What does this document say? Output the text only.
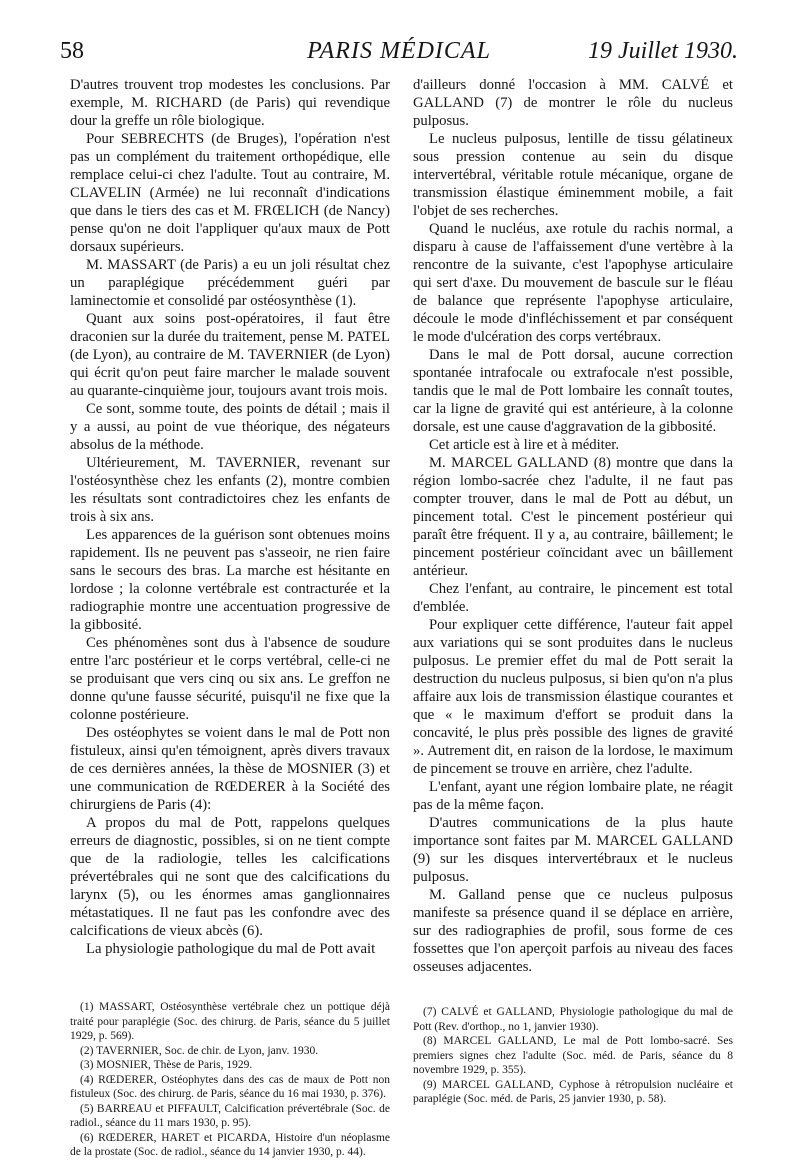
58	PARIS MÉDICAL	19 Juillet 1930.

D'autres trouvent trop modestes les conclusions. Par exemple, M. RICHARD (de Paris) qui revendique dour la greffe un rôle biologique.

Pour SEBRECHTS (de Bruges), l'opération n'est pas un complément du traitement orthopédique, elle remplace celui-ci chez l'adulte. Tout au contraire, M. CLAVELIN (Armée) ne lui reconnaît d'indications que dans le tiers des cas et M. FRŒLICH (de Nancy) pense qu'on ne doit l'appliquer qu'aux maux de Pott dorsaux supérieurs.

M. MASSART (de Paris) a eu un joli résultat chez un paraplégique précédemment guéri par laminectomie et consolidé par ostéosynthèse (1).

Quant aux soins post-opératoires, il faut être draconien sur la durée du traitement, pense M. PATEL (de Lyon), au contraire de M. TAVERNIER (de Lyon) qui écrit qu'on peut faire marcher le malade souvent au quarante-cinquième jour, toujours avant trois mois.

Ce sont, somme toute, des points de détail ; mais il y a aussi, au point de vue théorique, des négateurs absolus de la méthode.

Ultérieurement, M. TAVERNIER, revenant sur l'ostéosynthèse chez les enfants (2), montre combien les résultats sont contradictoires chez les enfants de trois à six ans.

Les apparences de la guérison sont obtenues moins rapidement. Ils ne peuvent pas s'asseoir, ne rien faire sans le secours des bras. La marche est hésitante en lordose ; la colonne vertébrale est contracturée et la radiographie montre une accentuation progressive de la gibbosité.

Ces phénomènes sont dus à l'absence de soudure entre l'arc postérieur et le corps vertébral, celle-ci ne se produisant que vers cinq ou six ans. Le greffon ne donne qu'une fausse sécurité, puisqu'il ne fixe que la colonne postérieure.

Des ostéophytes se voient dans le mal de Pott non fistuleux, ainsi qu'en témoignent, après divers travaux de ces dernières années, la thèse de MOSNIER (3) et une communication de RŒDERER à la Société des chirurgiens de Paris (4):

A propos du mal de Pott, rappelons quelques erreurs de diagnostic, possibles, si on ne tient compte que de la radiologie, telles les calcifications prévertébrales qui ne sont que des calcifications du larynx (5), ou les énormes amas ganglionnaires métastatiques. Il ne faut pas les confondre avec des calcifications de vieux abcès (6).

La physiologie pathologique du mal de Pott avait

(1) MASSART, Ostéosynthèse vertébrale chez un pottique déjà traité pour paraplégie (Soc. des chirurg. de Paris, séance du 5 juillet 1929, p. 569).

(2) TAVERNIER, Soc. de chir. de Lyon, janv. 1930.

(3) MOSNIER, Thèse de Paris, 1929.

(4) RŒDERER, Ostéophytes dans des cas de maux de Pott non fistuleux (Soc. des chirurg. de Paris, séance du 16 mai 1930, p. 376).

(5) BARREAU et PIFFAULT, Calcification prévertébrale (Soc. de radiol., séance du 11 mars 1930, p. 95).

(6) RŒDERER, HARET et PICARDA, Histoire d'un néoplasme de la prostate (Soc. de radiol., séance du 14 janvier 1930, p. 44).

d'ailleurs donné l'occasion à MM. CALVÉ et GALLAND (7) de montrer le rôle du nucleus pulposus.

Le nucleus pulposus, lentille de tissu gélatineux sous pression contenue au sein du disque intervertébral, véritable rotule mécanique, organe de transmission élastique éminemment mobile, a fait l'objet de ses recherches.

Quand le nucléus, axe rotule du rachis normal, a disparu à cause de l'affaissement d'une vertèbre à la rencontre de la suivante, c'est l'apophyse articulaire qui sert d'axe. Du mouvement de bascule sur le fléau de balance que représente l'apophyse articulaire, découle le mode d'infléchissement et par conséquent le mode d'ulcération des corps vertébraux.

Dans le mal de Pott dorsal, aucune correction spontanée intrafocale ou extrafocale n'est possible, tandis que le mal de Pott lombaire les connaît toutes, car la ligne de gravité qui est antérieure, à la colonne dorsale, est une cause d'aggravation de la gibbosité.

Cet article est à lire et à méditer.

M. MARCEL GALLAND (8) montre que dans la région lombo-sacrée chez l'adulte, il ne faut pas compter trouver, dans le mal de Pott au début, un pincement total. C'est le pincement postérieur qui paraît être fréquent. Il y a, au contraire, bâillement; le pincement postérieur coïncidant avec un bâillement antérieur.

Chez l'enfant, au contraire, le pincement est total d'emblée.

Pour expliquer cette différence, l'auteur fait appel aux variations qui se sont produites dans le nucleus pulposus. Le premier effet du mal de Pott serait la destruction du nucleus pulposus, si bien qu'on n'a plus affaire aux lois de transmission élastique courantes et que « le maximum d'effort se produit dans la concavité, le plus près possible des lignes de gravité ». Autrement dit, en raison de la lordose, le maximum de pincement se trouve en arrière, chez l'adulte.

L'enfant, ayant une région lombaire plate, ne réagit pas de la même façon.

D'autres communications de la plus haute importance sont faites par M. MARCEL GALLAND (9) sur les disques intervertébraux et le nucleus pulposus.

M. Galland pense que ce nucleus pulposus manifeste sa présence quand il se déplace en arrière, sur des radiographies de profil, sous forme de ces fossettes que l'on aperçoit parfois au niveau des faces osseuses adjacentes.

(7) CALVÉ et GALLAND, Physiologie pathologique du mal de Pott (Rev. d'orthop., no 1, janvier 1930).

(8) MARCEL GALLAND, Le mal de Pott lombo-sacré. Ses premiers signes chez l'adulte (Soc. méd. de Paris, séance du 8 novembre 1929, p. 355).

(9) MARCEL GALLAND, Cyphose à rétropulsion nucléaire et paraplégie (Soc. méd. de Paris, 25 janvier 1930, p. 58).
